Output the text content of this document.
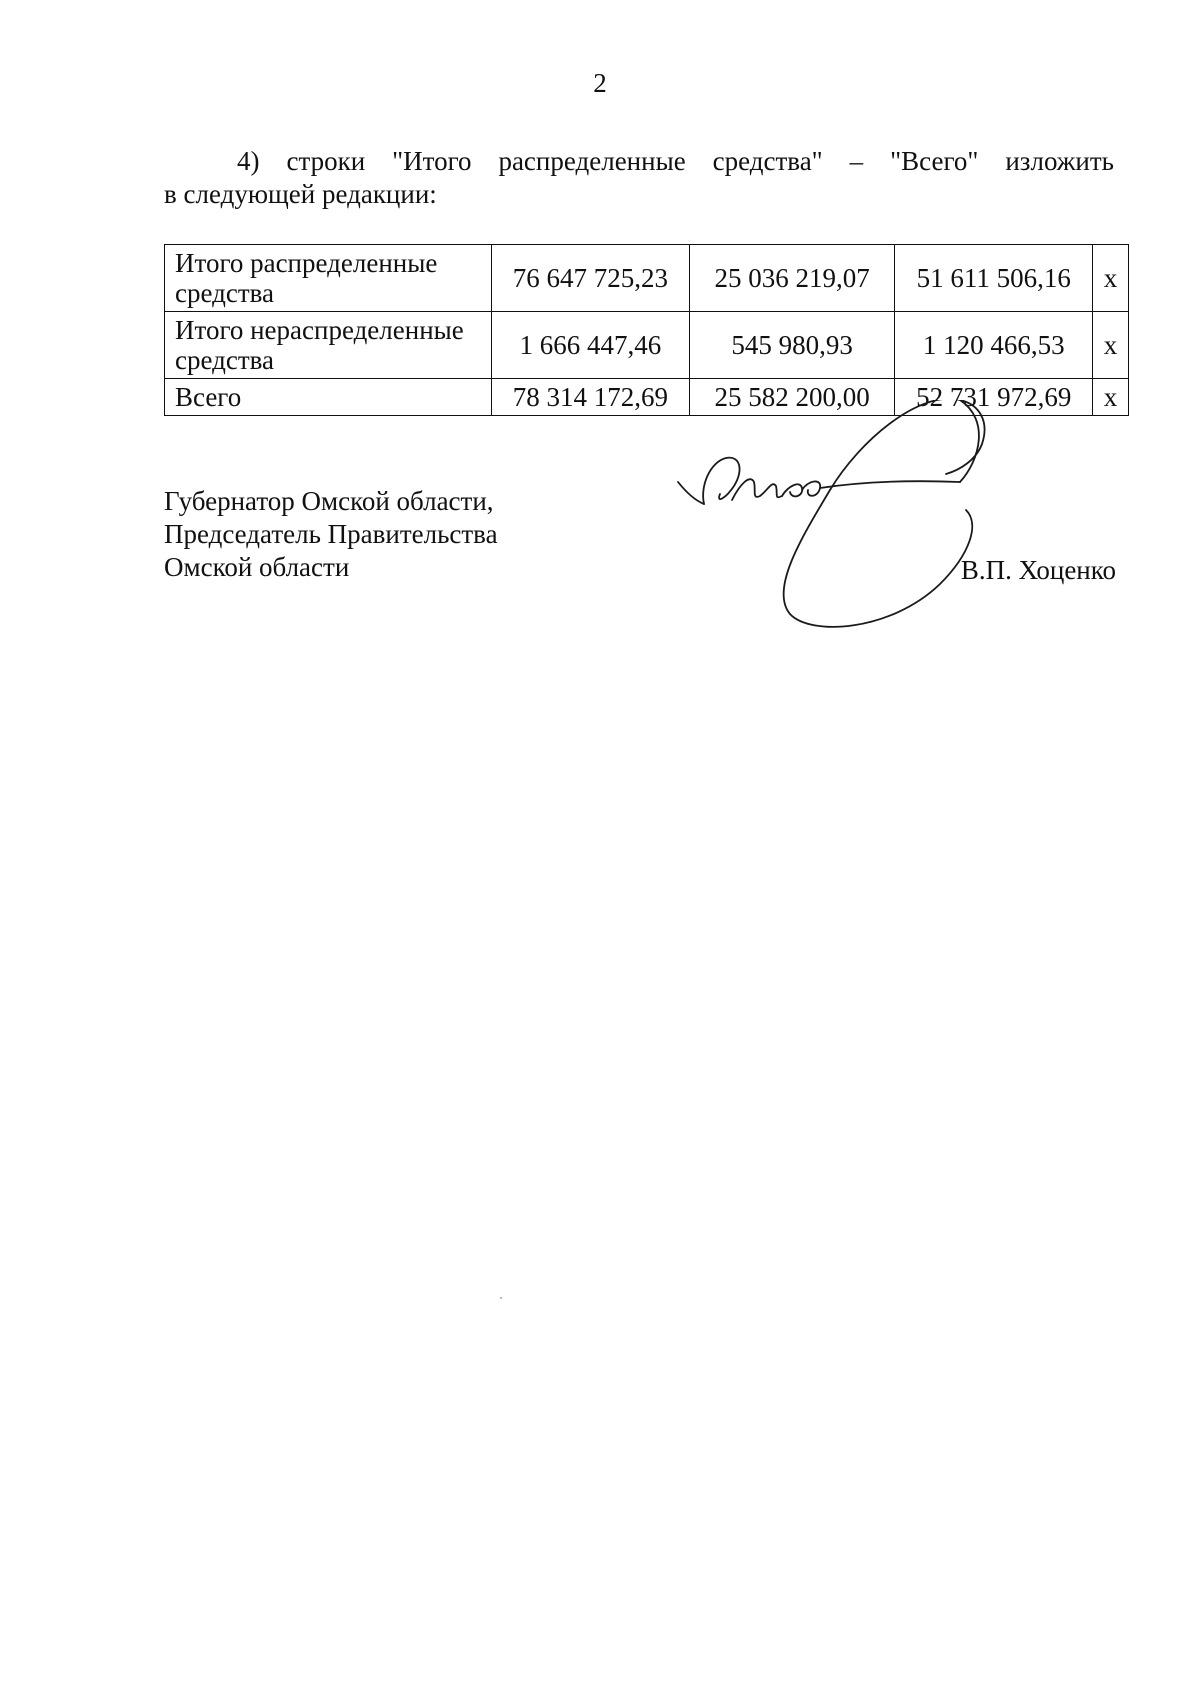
2
4) строки "Итого распределенные средства" – "Всего" изложить
в следующей редакции:
Итого распределенные средства	76 647 725,23	25 036 219,07	51 611 506,16	х
Итого нераспределенные средства	1 666 447,46	545 980,93	1 120 466,53	х
Всего	78 314 172,69	25 582 200,00	52 731 972,69	х
Губернатор Омской области,
Председатель Правительства
Омской области	В.П. Хоценко
